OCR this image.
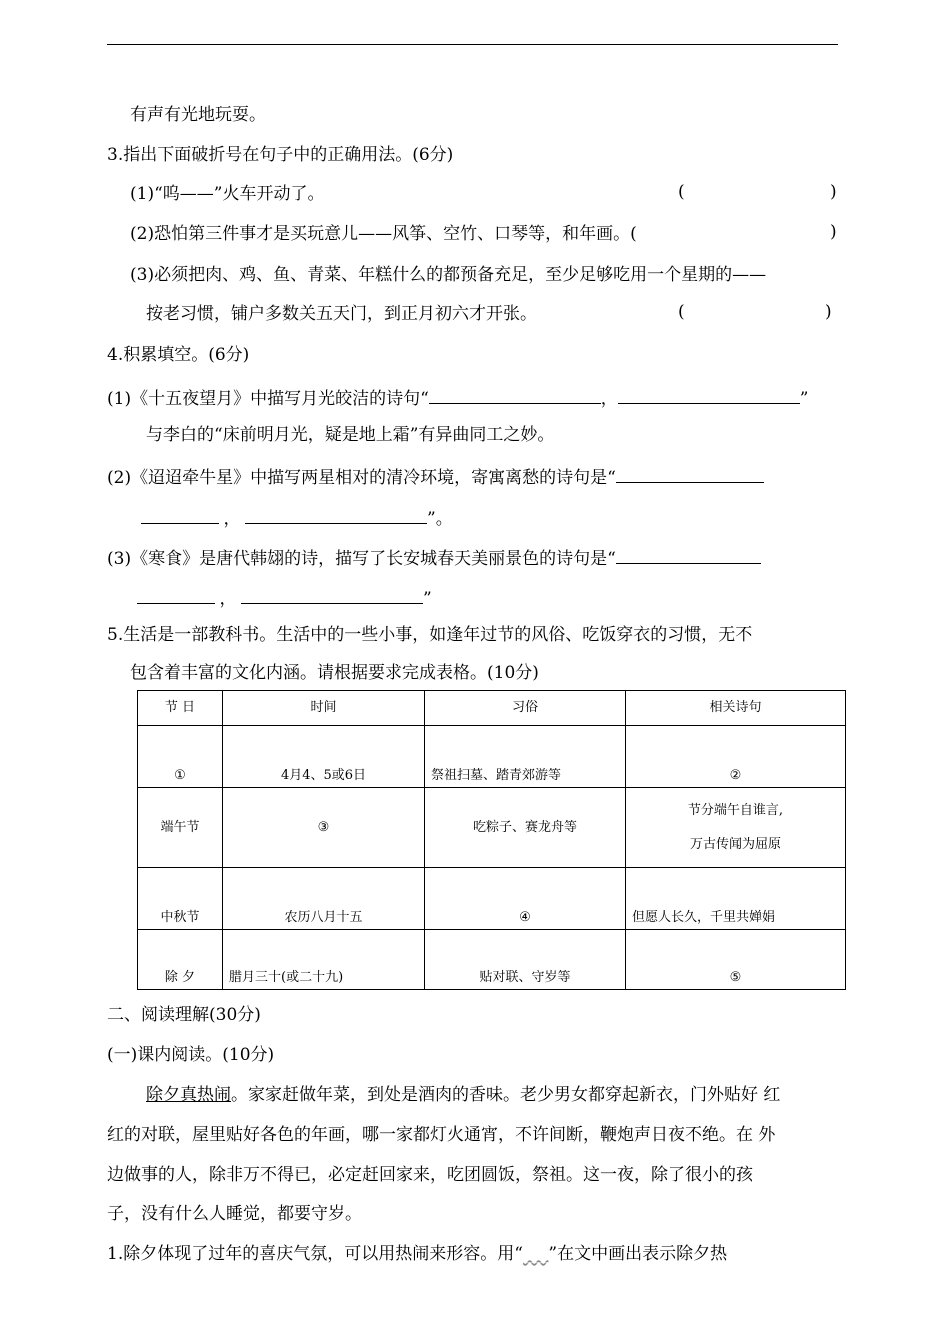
有声有光地玩耍。
3.指出下面破折号在句子中的正确用法。(6分)
(1)“呜——”火车开动了。	(	)
(2)恐怕第三件事才是买玩意儿——风筝、空竹、口琴等，和年画。(	)
(3)必须把肉、鸡、鱼、青菜、年糕什么的都预备充足，至少足够吃用一个星期的——
按老习惯，铺户多数关五天门，到正月初六才开张。	(	)
4.积累填空。(6分)
(1)《十五夜望月》中描写月光皎洁的诗句“	，	”
与李白的“床前明月光，疑是地上霜”有异曲同工之妙。
(2)《迢迢牵牛星》中描写两星相对的清冷环境，寄寓离愁的诗句是“
，	”。
(3)《寒食》是唐代韩翃的诗，描写了长安城春天美丽景色的诗句是“
，	”
5.生活是一部教科书。生活中的一些小事，如逢年过节的风俗、吃饭穿衣的习惯，无不
包含着丰富的文化内涵。请根据要求完成表格。(10分)
节 日	时间	习俗	相关诗句
①	4月4、5或6日	祭祖扫墓、踏青郊游等	②
端午节	③	吃粽子、赛龙舟等	节分端午自谁言,
万古传闻为屈原

中秋节	农历八月十五	④	但愿人长久，千里共婵娟
除 夕	腊月三十(或二十九)	贴对联、守岁等	⑤
二、阅读理解(30分)
(一)课内阅读。(10分)
除夕真热闹。家家赶做年菜，到处是酒肉的香味。老少男女都穿起新衣，门外贴好 红
红的对联，屋里贴好各色的年画，哪一家都灯火通宵，不许间断，鞭炮声日夜不绝。在 外
边做事的人，除非万不得已，必定赶回家来，吃团圆饭，祭祖。这一夜，除了很小的孩
子，没有什么人睡觉，都要守岁。
1.除夕体现了过年的喜庆气氛，可以用热闹来形容。用“___”在文中画出表示除夕热
